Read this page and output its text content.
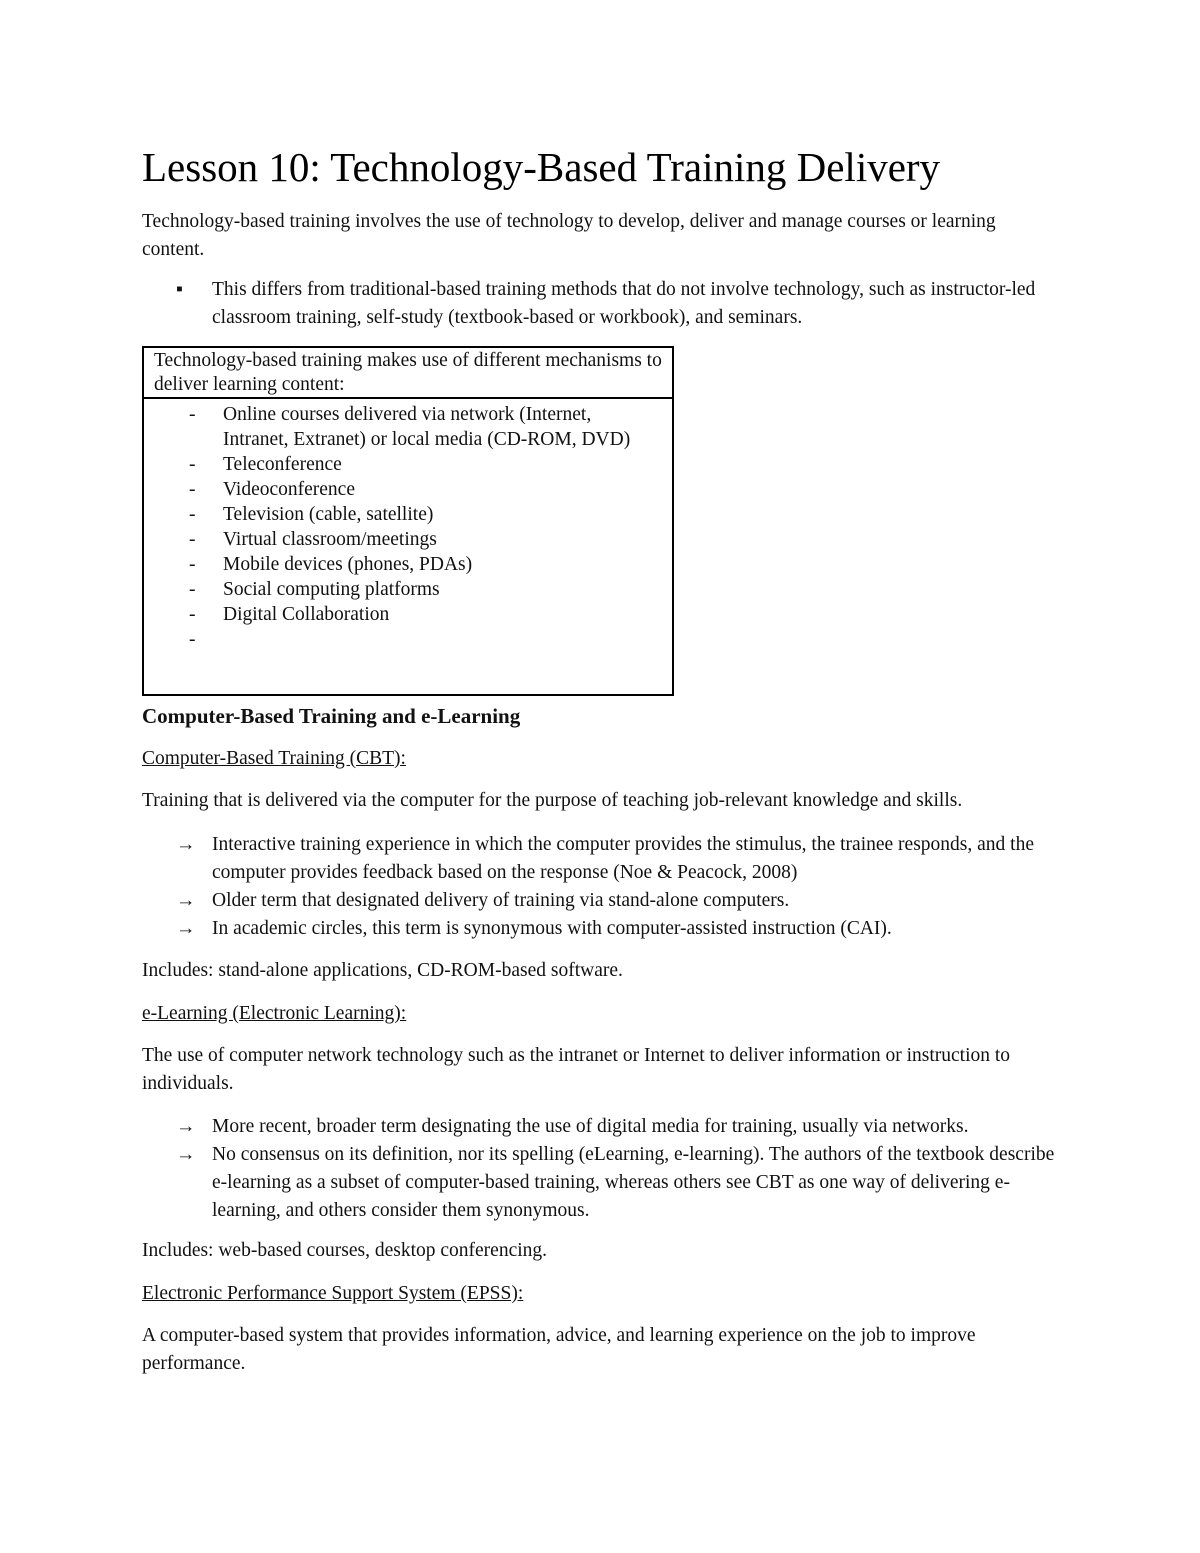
Lesson 10: Technology-Based Training Delivery

Technology-based training involves the use of technology to develop, deliver and manage courses or learning content.

▪ This differs from traditional-based training methods that do not involve technology, such as instructor-led classroom training, self-study (textbook-based or workbook), and seminars.
Technology-based training makes use of different mechanisms to deliver learning content:
- Online courses delivered via network (Internet, Intranet, Extranet) or local media (CD-ROM, DVD)
- Teleconference
- Videoconference
- Television (cable, satellite)
- Virtual classroom/meetings
- Mobile devices (phones, PDAs)
- Social computing platforms
- Digital Collaboration
-

Computer-Based Training and e-Learning

Computer-Based Training (CBT):

Training that is delivered via the computer for the purpose of teaching job-relevant knowledge and skills.

→ Interactive training experience in which the computer provides the stimulus, the trainee responds, and the computer provides feedback based on the response (Noe & Peacock, 2008)
→ Older term that designated delivery of training via stand-alone computers.
→ In academic circles, this term is synonymous with computer-assisted instruction (CAI).

Includes: stand-alone applications, CD-ROM-based software.

e-Learning (Electronic Learning):

The use of computer network technology such as the intranet or Internet to deliver information or instruction to individuals.

→ More recent, broader term designating the use of digital media for training, usually via networks.
→ No consensus on its definition, nor its spelling (eLearning, e-learning). The authors of the textbook describe e-learning as a subset of computer-based training, whereas others see CBT as one way of delivering e-learning, and others consider them synonymous.

Includes: web-based courses, desktop conferencing.

Electronic Performance Support System (EPSS):

A computer-based system that provides information, advice, and learning experience on the job to improve performance.
